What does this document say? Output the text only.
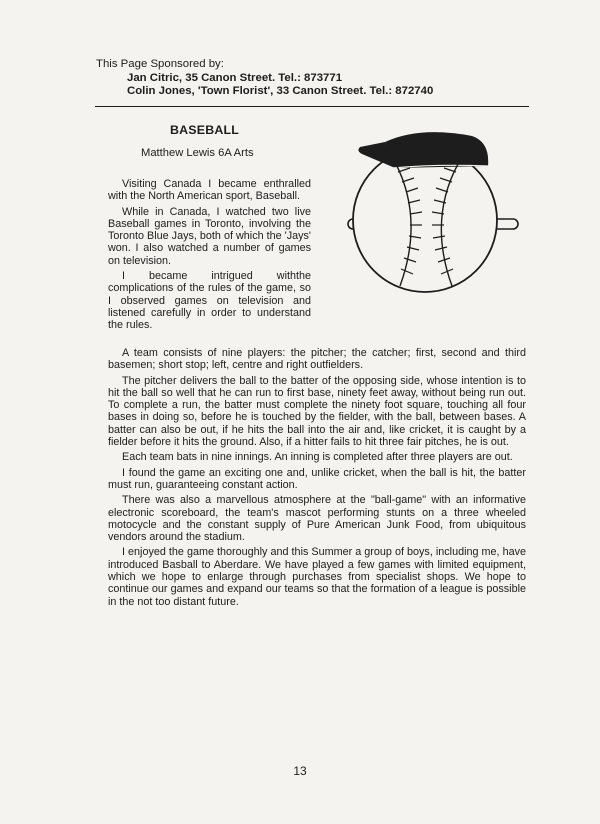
This Page Sponsored by:
Jan Citric, 35 Canon Street. Tel.: 873771
Colin Jones, 'Town Florist', 33 Canon Street. Tel.: 872740
BASEBALL
Matthew Lewis 6A Arts

Visiting Canada I became enthralled with the North American sport, Baseball.

While in Canada, I watched two live Baseball games in Toronto, involving the Toronto Blue Jays, both of which the 'Jays' won. I also watched a number of games on television.

I became intrigued withthe complications of the rules of the game, so I observed games on television and listened carefully in order to understand the rules.

A team consists of nine players: the pitcher; the catcher; first, second and third basemen; short stop; left, centre and right outfielders.

The pitcher delivers the ball to the batter of the opposing side, whose intention is to hit the ball so well that he can run to first base, ninety feet away, without being run out. To complete a run, the batter must complete the ninety foot square, touching all four bases in doing so, before he is touched by the fielder, with the ball, between bases. A batter can also be out, if he hits the ball into the air and, like cricket, it is caught by a fielder before it hits the ground. Also, if a hitter fails to hit three fair pitches, he is out.

Each team bats in nine innings. An inning is completed after three players are out.

I found the game an exciting one and, unlike cricket, when the ball is hit, the batter must run, guaranteeing constant action.

There was also a marvellous atmosphere at the "ball-game" with an informative electronic scoreboard, the team's mascot performing stunts on a three wheeled motocycle and the constant supply of Pure American Junk Food, from ubiquitous vendors around the stadium.

I enjoyed the game thoroughly and this Summer a group of boys, including me, have introduced Basball to Aberdare. We have played a few games with limited equipment, which we hope to enlarge through purchases from specialist shops. We hope to continue our games and expand our teams so that the formation of a league is possible in the not too distant future.

13
